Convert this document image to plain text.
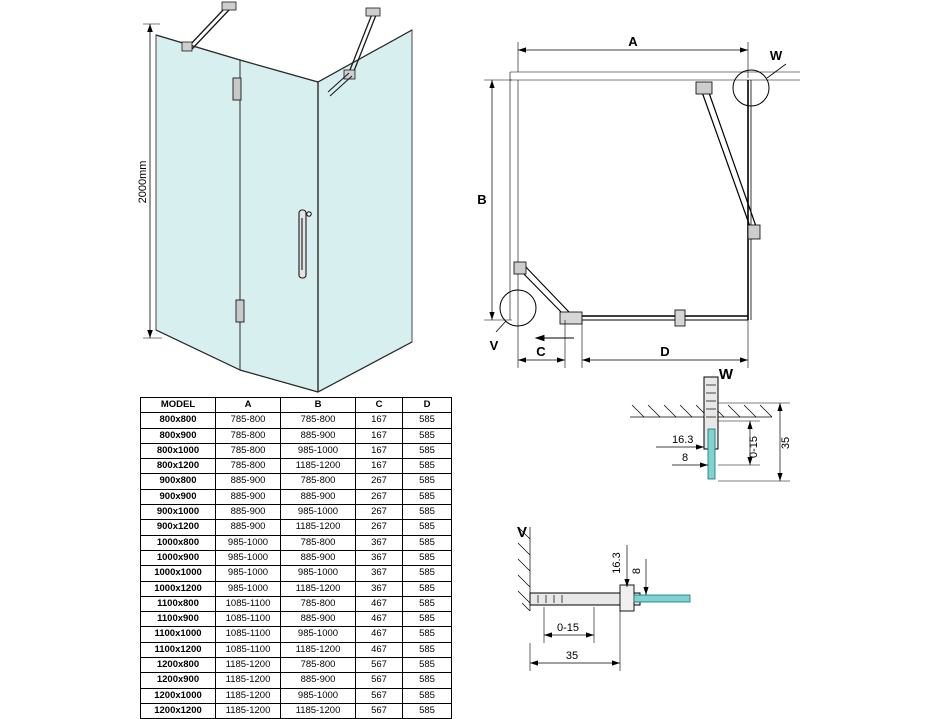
2000mm
A
B
C	D
W
V
W
16.3
8	0-15 35
V
16.3 8
0-15
35
MODEL	A	B	C	D
800x800	785-800	785-800	167	585
800x900	785-800	885-900	167	585
800x1000	785-800	985-1000	167	585
800x1200	785-800	1185-1200	167	585
900x800	885-900	785-800	267	585
900x900	885-900	885-900	267	585
900x1000	885-900	985-1000	267	585
900x1200	885-900	1185-1200	267	585
1000x800	985-1000	785-800	367	585
1000x900	985-1000	885-900	367	585
1000x1000	985-1000	985-1000	367	585
1000x1200	985-1000	1185-1200	367	585
1100x800	1085-1100	785-800	467	585
1100x900	1085-1100	885-900	467	585
1100x1000	1085-1100	985-1000	467	585
1100x1200	1085-1100	1185-1200	467	585
1200x800	1185-1200	785-800	567	585
1200x900	1185-1200	885-900	567	585
1200x1000	1185-1200	985-1000	567	585
1200x1200	1185-1200	1185-1200	567	585
